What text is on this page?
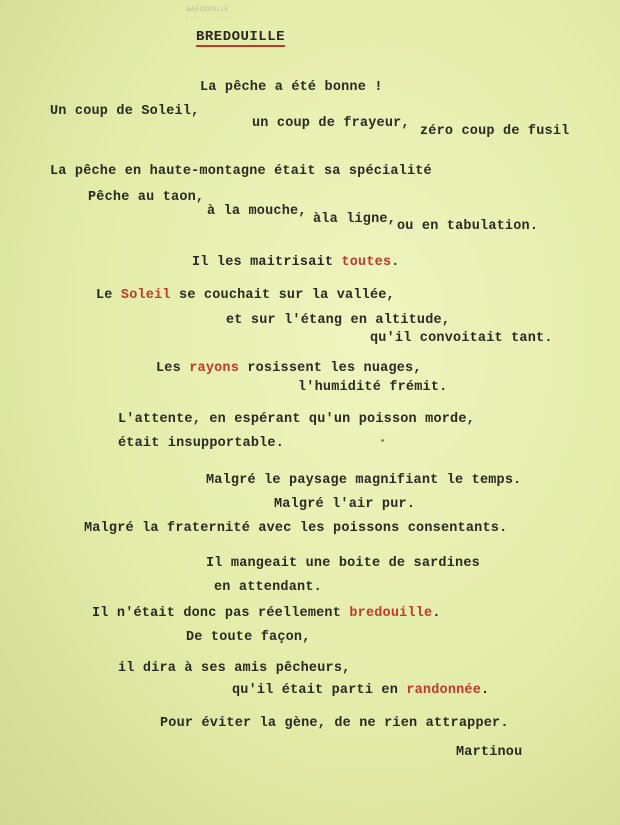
ꓭꓮꓰꓷꓳꓴꓲꓡꓡꓰ
···········
BREDOUILLE
La pêche a été bonne !
Un coup de Soleil,
un coup de frayeur,
zéro coup de fusil
La pêche en haute-montagne était sa spécialité
Pêche au taon,
à la mouche,
àla ligne, ou en tabulation.
Il les maitrisait toutes.
Le Soleil se couchait sur la vallée,
et sur l'étang en altitude,
qu'il convoitait tant.
Les rayons rosissent les nuages,
l'humidité frémit.
L'attente, en espérant qu'un poisson morde,
était insupportable.
Malgré le paysage magnifiant le temps.
Malgré l'air pur.
Malgré la fraternité avec les poissons consentants.
Il mangeait une boite de sardines
en attendant.
Il n'était donc pas réellement bredouille.
De toute façon,
il dira à ses amis pêcheurs,
qu'il était parti en randonnée.
Pour éviter la gène, de ne rien attrapper.
Martinou
